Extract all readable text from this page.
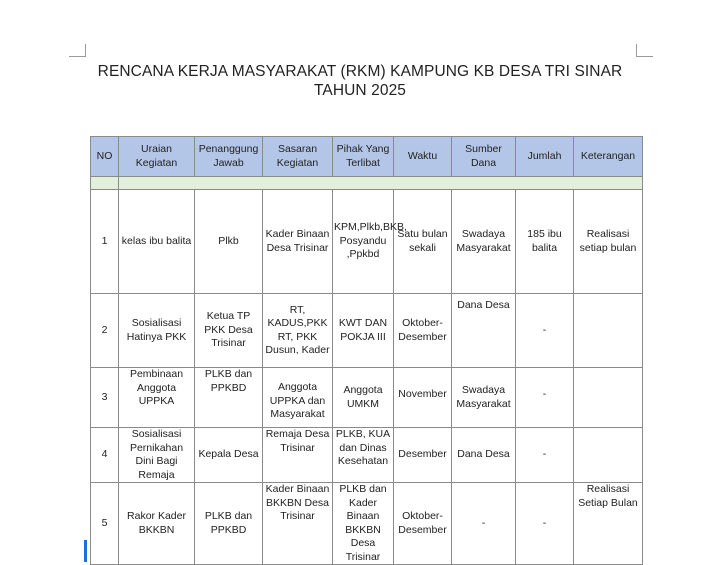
RENCANA KERJA MASYARAKAT (RKM) KAMPUNG KB DESA TRI SINAR
TAHUN 2025
NO	Uraian Kegiatan	Penanggung Jawab	Sasaran Kegiatan	Pihak Yang Terlibat	Waktu	Sumber Dana	Jumlah	Keterangan

1	kelas ibu balita	Plkb	Kader Binaan Desa Trisinar	KPM,Plkb,BKB, Posyandu ,Ppkbd	Satu bulan sekali	Swadaya Masyarakat	185 ibu balita	Realisasi setiap bulan
2	Sosialisasi Hatinya PKK	Ketua TP PKK Desa Trisinar	RT, KADUS,PKK RT, PKK Dusun, Kader	KWT DAN POKJA III	Oktober-Desember	Dana Desa	-	
3	Pembinaan Anggota UPPKA	PLKB dan PPKBD	Anggota UPPKA dan Masyarakat	Anggota UMKM	November	Swadaya Masyarakat	-	
4	Sosialisasi Pernikahan Dini Bagi Remaja	Kepala Desa	Remaja Desa Trisinar	PLKB, KUA dan Dinas Kesehatan	Desember	Dana Desa	-	
5	Rakor Kader BKKBN	PLKB dan PPKBD	Kader Binaan BKKBN Desa Trisinar	PLKB dan Kader Binaan BKKBN Desa Trisinar	Oktober-Desember	-	-	Realisasi Setiap Bulan
